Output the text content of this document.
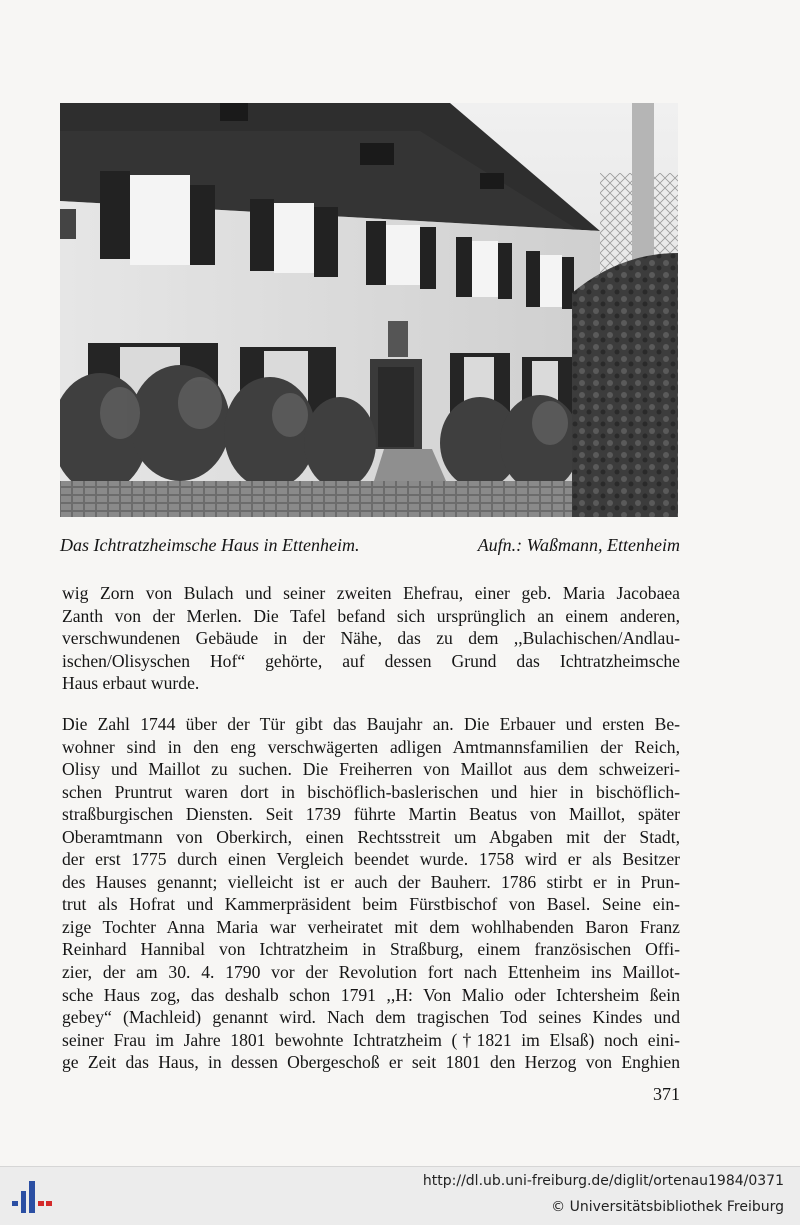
Das Ichtratzheimsche Haus in Ettenheim.	Aufn.: Waßmann, Ettenheim

wig Zorn von Bulach und seiner zweiten Ehefrau, einer geb. Maria Jacobaea
Zanth von der Merlen. Die Tafel befand sich ursprünglich an einem anderen,
verschwundenen Gebäude in der Nähe, das zu dem ,,Bulachischen/Andlau-
ischen/Olisyschen Hof“ gehörte, auf dessen Grund das Ichtratzheimsche
Haus erbaut wurde.

Die Zahl 1744 über der Tür gibt das Baujahr an. Die Erbauer und ersten Be-
wohner sind in den eng verschwägerten adligen Amtmannsfamilien der Reich,
Olisy und Maillot zu suchen. Die Freiherren von Maillot aus dem schweizeri-
schen Pruntrut waren dort in bischöflich-baslerischen und hier in bischöflich-
straßburgischen Diensten. Seit 1739 führte Martin Beatus von Maillot, später
Oberamtmann von Oberkirch, einen Rechtsstreit um Abgaben mit der Stadt,
der erst 1775 durch einen Vergleich beendet wurde. 1758 wird er als Besitzer
des Hauses genannt; vielleicht ist er auch der Bauherr. 1786 stirbt er in Prun-
trut als Hofrat und Kammerpräsident beim Fürstbischof von Basel. Seine ein-
zige Tochter Anna Maria war verheiratet mit dem wohlhabenden Baron Franz
Reinhard Hannibal von Ichtratzheim in Straßburg, einem französischen Offi-
zier, der am 30. 4. 1790 vor der Revolution fort nach Ettenheim ins Maillot-
sche Haus zog, das deshalb schon 1791 ,,H: Von Malio oder Ichtersheim ßein
gebey“ (Machleid) genannt wird. Nach dem tragischen Tod seines Kindes und
seiner Frau im Jahre 1801 bewohnte Ichtratzheim (†1821 im Elsaß) noch eini-
ge Zeit das Haus, in dessen Obergeschoß er seit 1801 den Herzog von Enghien

371
http://dl.ub.uni-freiburg.de/diglit/ortenau1984/0371
© Universitätsbibliothek Freiburg
